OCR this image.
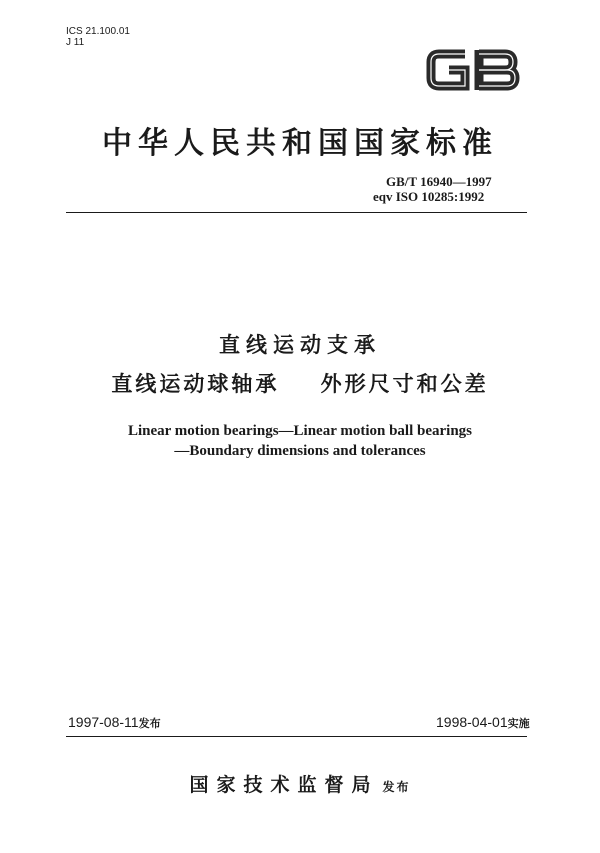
ICS 21.100.01
J 11
中华人民共和国国家标准
GB/T 16940—1997
eqv ISO 10285:1992
直线运动支承
直线运动球轴承    外形尺寸和公差
Linear motion bearings—Linear motion ball bearings
—Boundary dimensions and tolerances
1997-08-11发布	1998-04-01实施
国家技术监督局 发布
